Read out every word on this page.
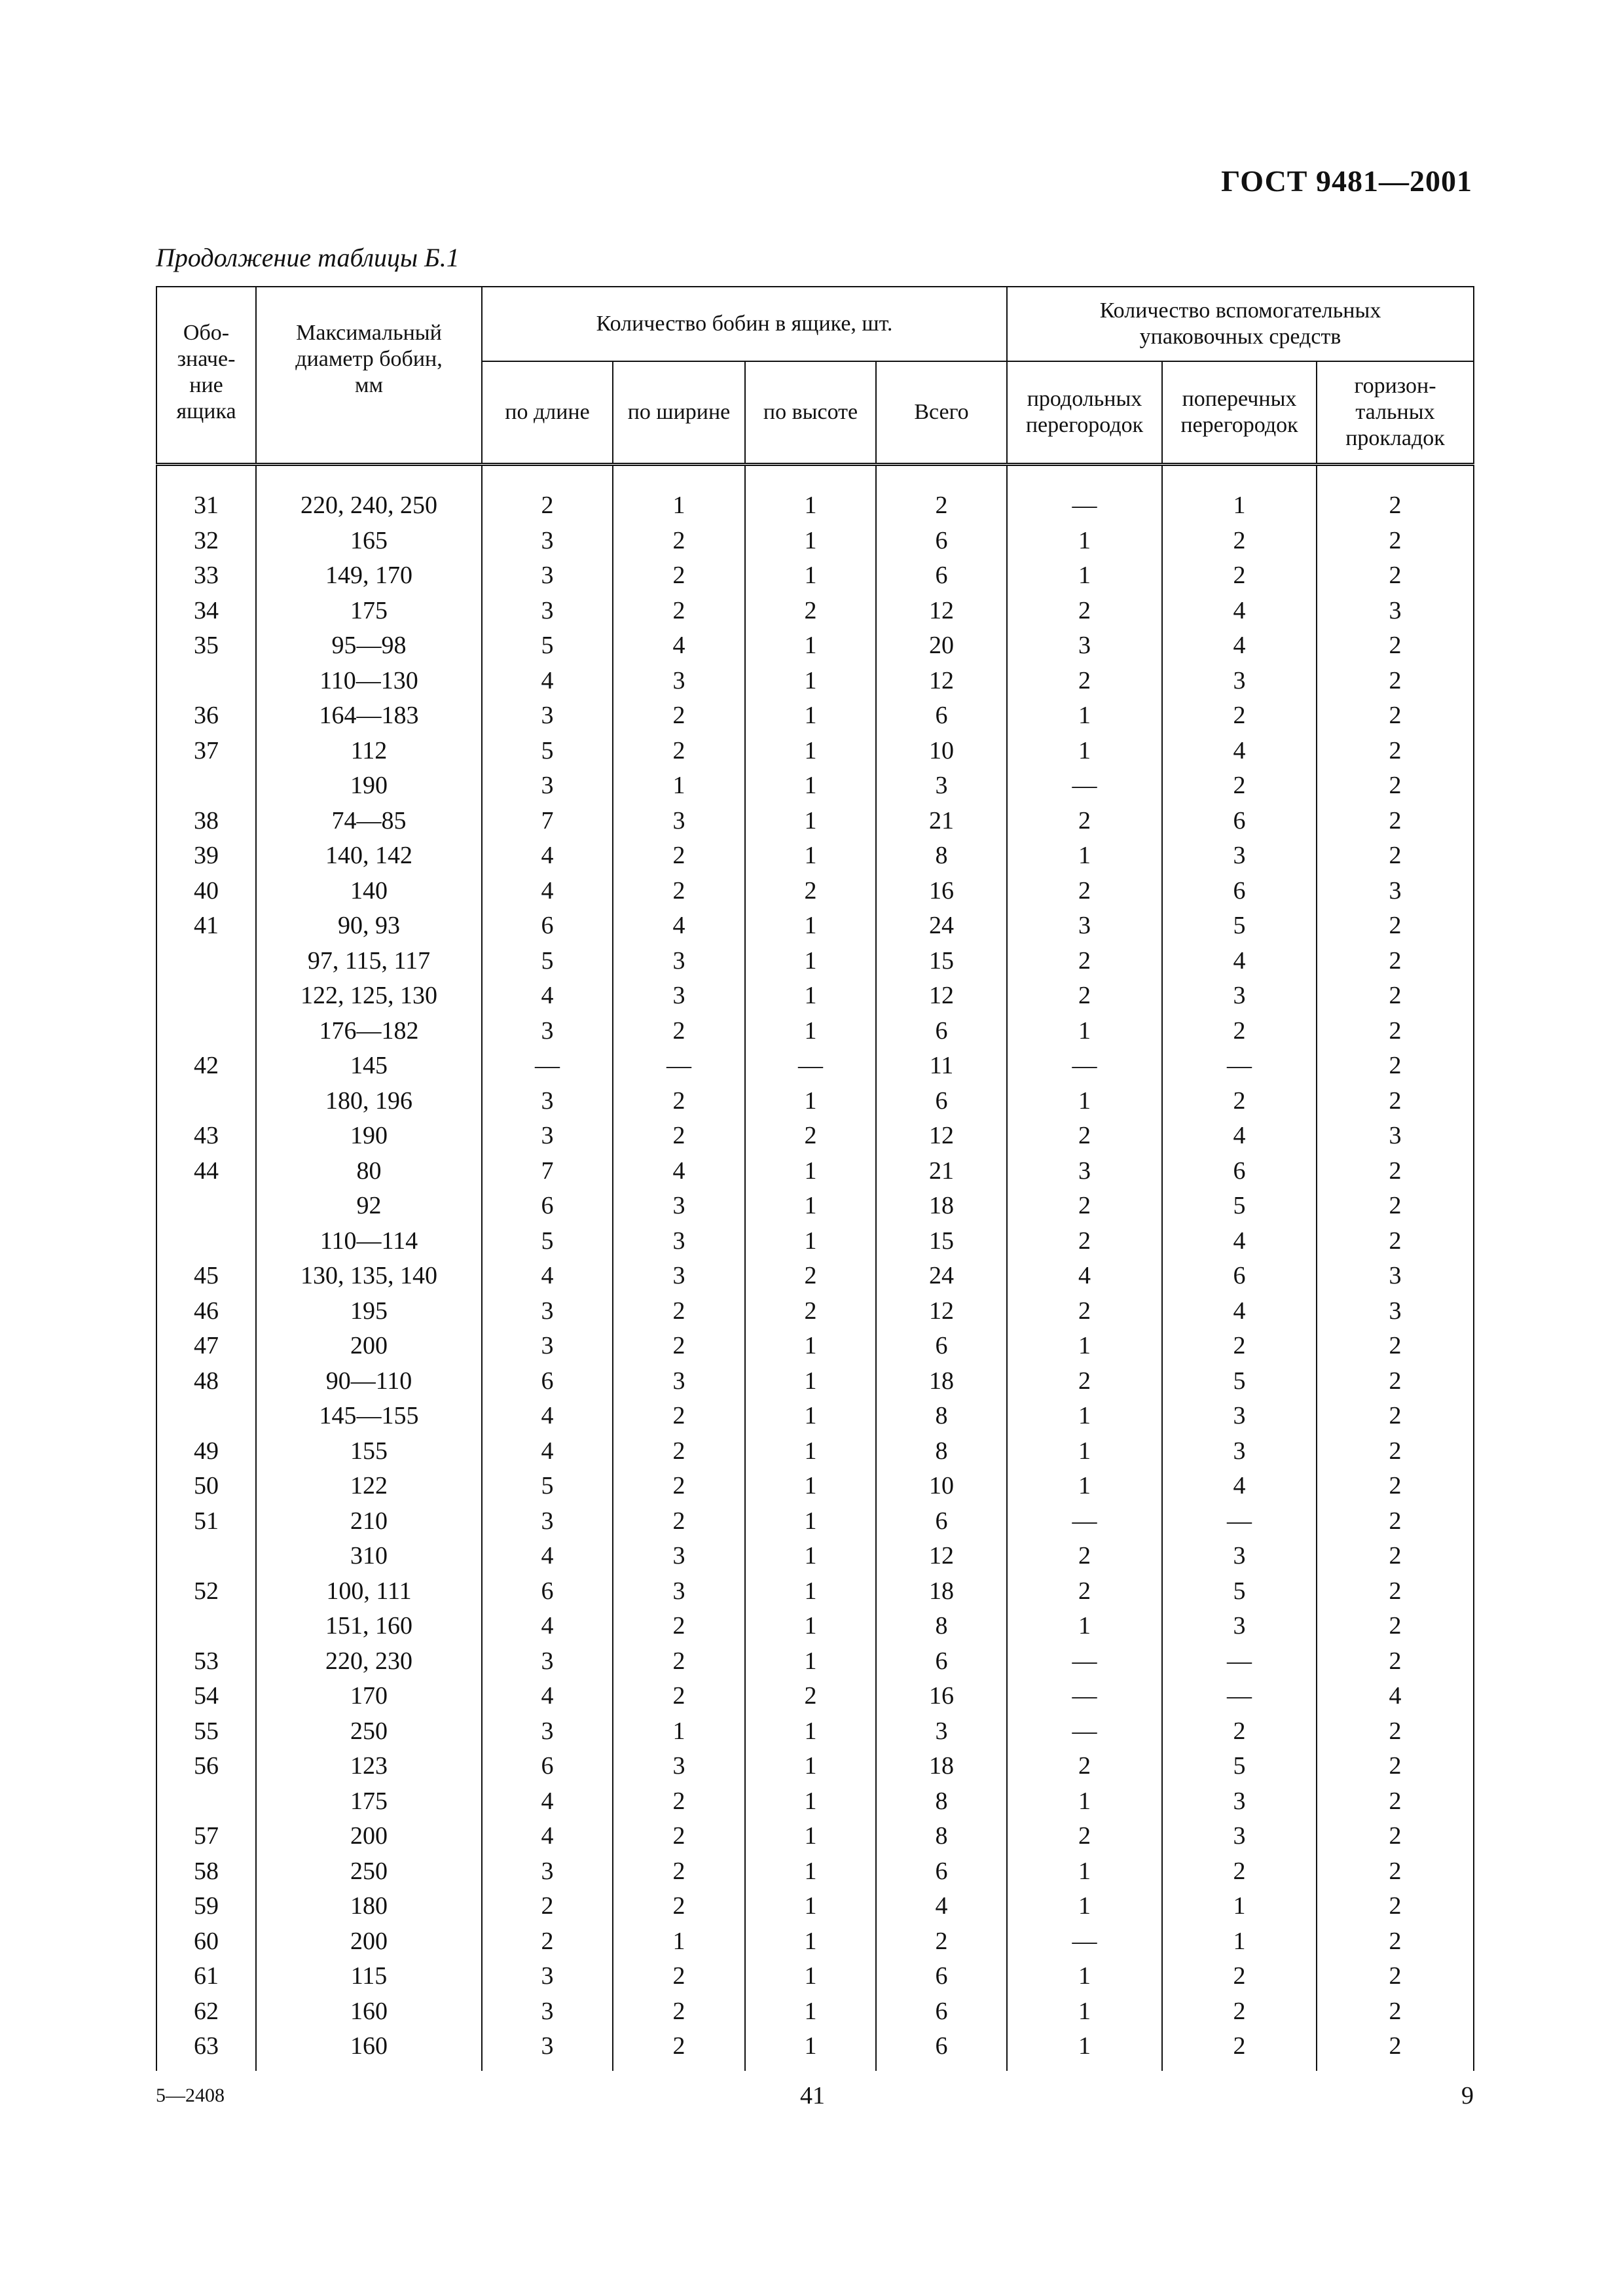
ГОСТ 9481—2001
Продолжение таблицы Б.1
Обо-
значе-
ние
ящика	Максимальный
диаметр бобин,
мм	Количество бобин в ящике, шт.				Количество вспомогательных
упаковочных средств		
		по длине	по ширине	по высоте	Всего	продольных
перегородок	поперечных
перегородок	горизон-
тальных
прокладок

31	220, 240, 250	2	1	1	2	—	1	2
32	165	3	2	1	6	1	2	2
33	149, 170	3	2	1	6	1	2	2
34	175	3	2	2	12	2	4	3
35	95—98	5	4	1	20	3	4	2
	110—130	4	3	1	12	2	3	2
36	164—183	3	2	1	6	1	2	2
37	112	5	2	1	10	1	4	2
	190	3	1	1	3	—	2	2
38	74—85	7	3	1	21	2	6	2
39	140, 142	4	2	1	8	1	3	2
40	140	4	2	2	16	2	6	3
41	90, 93	6	4	1	24	3	5	2
	97, 115, 117	5	3	1	15	2	4	2
	122, 125, 130	4	3	1	12	2	3	2
	176—182	3	2	1	6	1	2	2
42	145	—	—	—	11	—	—	2
	180, 196	3	2	1	6	1	2	2
43	190	3	2	2	12	2	4	3
44	80	7	4	1	21	3	6	2
	92	6	3	1	18	2	5	2
	110—114	5	3	1	15	2	4	2
45	130, 135, 140	4	3	2	24	4	6	3
46	195	3	2	2	12	2	4	3
47	200	3	2	1	6	1	2	2
48	90—110	6	3	1	18	2	5	2
	145—155	4	2	1	8	1	3	2
49	155	4	2	1	8	1	3	2
50	122	5	2	1	10	1	4	2
51	210	3	2	1	6	—	—	2
	310	4	3	1	12	2	3	2
52	100, 111	6	3	1	18	2	5	2
	151, 160	4	2	1	8	1	3	2
53	220, 230	3	2	1	6	—	—	2
54	170	4	2	2	16	—	—	4
55	250	3	1	1	3	—	2	2
56	123	6	3	1	18	2	5	2
	175	4	2	1	8	1	3	2
57	200	4	2	1	8	2	3	2
58	250	3	2	1	6	1	2	2
59	180	2	2	1	4	1	1	2
60	200	2	1	1	2	—	1	2
61	115	3	2	1	6	1	2	2
62	160	3	2	1	6	1	2	2
63	160	3	2	1	6	1	2	2
5—2408	41	9
